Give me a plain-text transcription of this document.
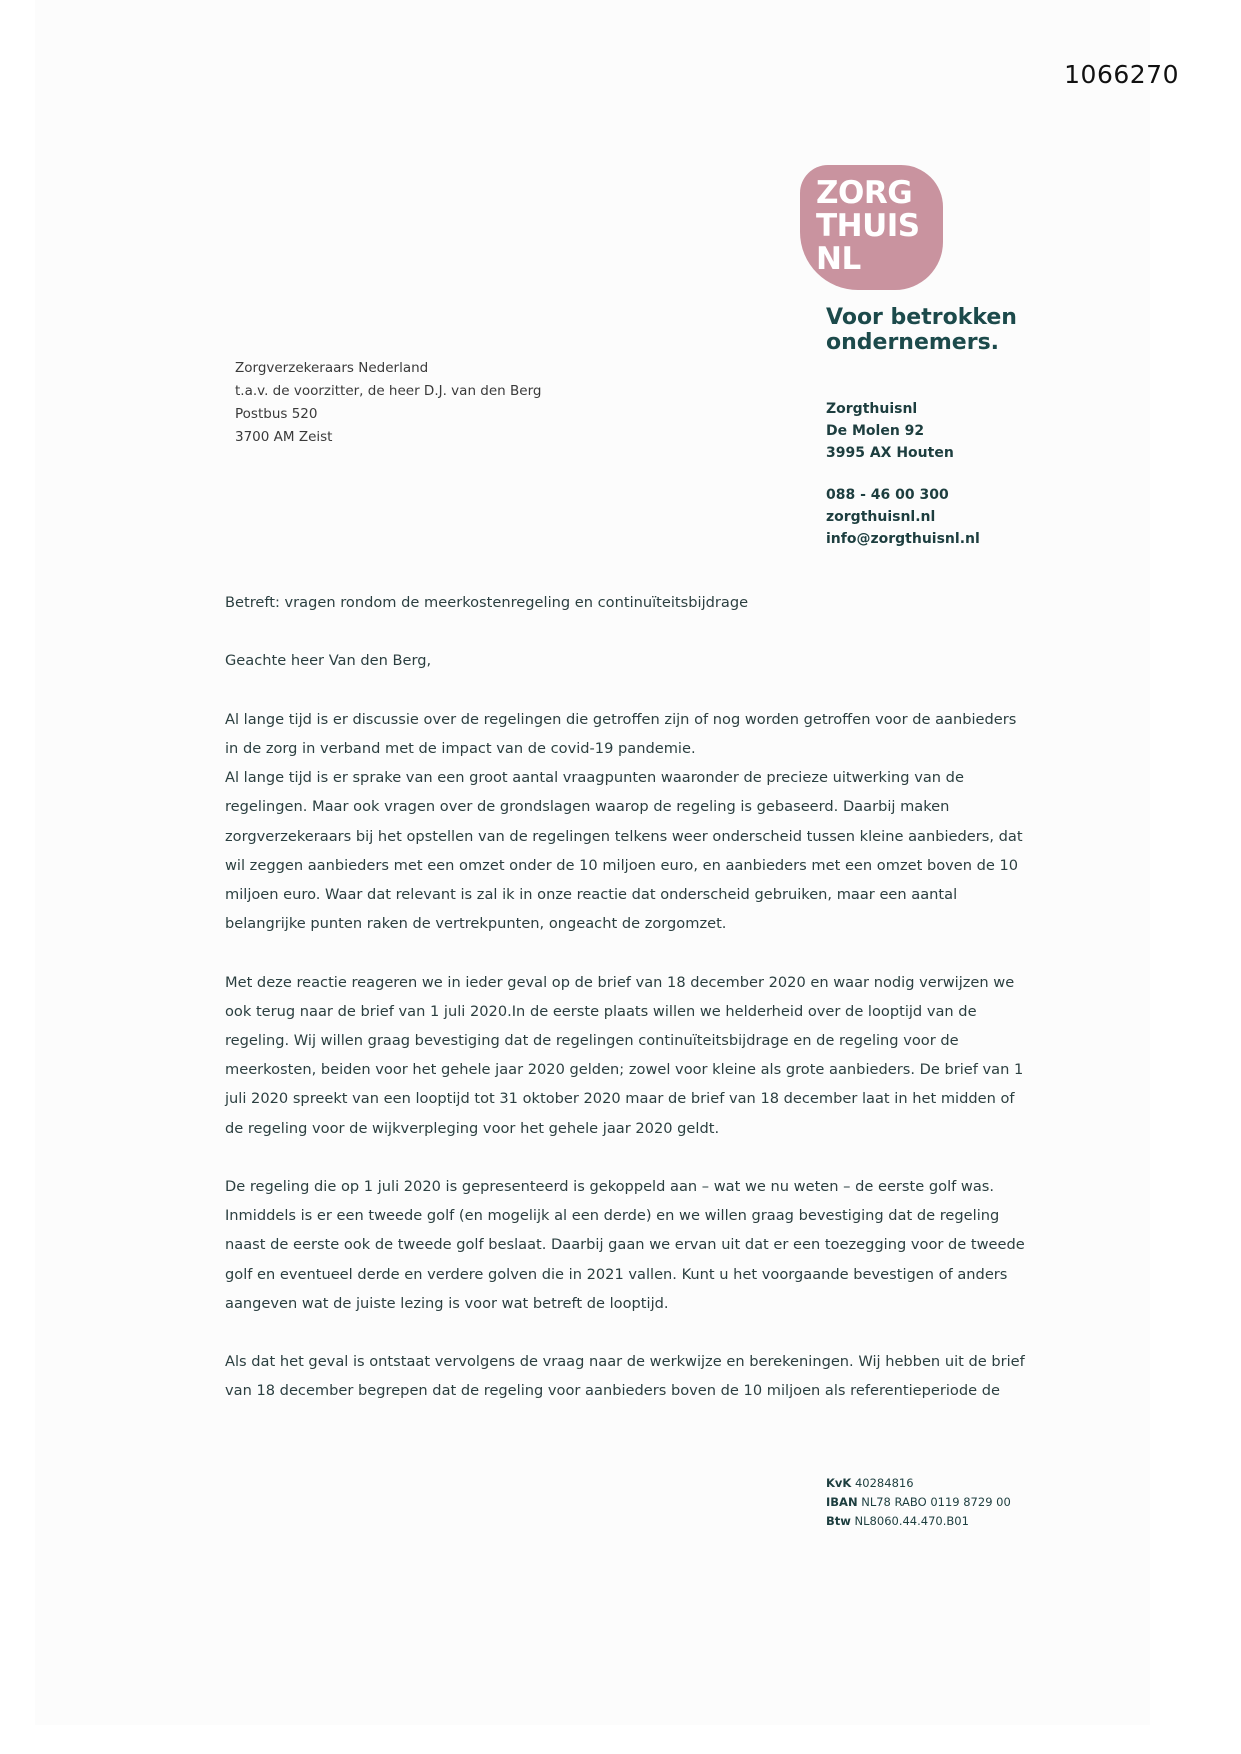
1066270
ZORG
THUIS
NL
Voor betrokken
ondernemers.
Zorgthuisnl
De Molen 92
3995 AX Houten
088 - 46 00 300
zorgthuisnl.nl
info@zorgthuisnl.nl
Zorgverzekeraars Nederland
t.a.v. de voorzitter, de heer D.J. van den Berg
Postbus 520
3700 AM Zeist

Betreft: vragen rondom de meerkostenregeling en continuïteitsbijdrage

Geachte heer Van den Berg,

Al lange tijd is er discussie over de regelingen die getroffen zijn of nog worden getroffen voor de aanbieders

in de zorg in verband met de impact van de covid-19 pandemie.

Al lange tijd is er sprake van een groot aantal vraagpunten waaronder de precieze uitwerking van de

regelingen. Maar ook vragen over de grondslagen waarop de regeling is gebaseerd. Daarbij maken

zorgverzekeraars bij het opstellen van de regelingen telkens weer onderscheid tussen kleine aanbieders, dat

wil zeggen aanbieders met een omzet onder de 10 miljoen euro, en aanbieders met een omzet boven de 10

miljoen euro. Waar dat relevant is zal ik in onze reactie dat onderscheid gebruiken, maar een aantal

belangrijke punten raken de vertrekpunten, ongeacht de zorgomzet.

Met deze reactie reageren we in ieder geval op de brief van 18 december 2020 en waar nodig verwijzen we

ook terug naar de brief van 1 juli 2020.In de eerste plaats willen we helderheid over de looptijd van de

regeling. Wij willen graag bevestiging dat de regelingen continuïteitsbijdrage en de regeling voor de

meerkosten, beiden voor het gehele jaar 2020 gelden; zowel voor kleine als grote aanbieders. De brief van 1

juli 2020 spreekt van een looptijd tot 31 oktober 2020 maar de brief van 18 december laat in het midden of

de regeling voor de wijkverpleging voor het gehele jaar 2020 geldt.

De regeling die op 1 juli 2020 is gepresenteerd is gekoppeld aan – wat we nu weten – de eerste golf was.

Inmiddels is er een tweede golf (en mogelijk al een derde) en we willen graag bevestiging dat de regeling

naast de eerste ook de tweede golf beslaat. Daarbij gaan we ervan uit dat er een toezegging voor de tweede

golf en eventueel derde en verdere golven die in 2021 vallen. Kunt u het voorgaande bevestigen of anders

aangeven wat de juiste lezing is voor wat betreft de looptijd.

Als dat het geval is ontstaat vervolgens de vraag naar de werkwijze en berekeningen. Wij hebben uit de brief

van 18 december begrepen dat de regeling voor aanbieders boven de 10 miljoen als referentieperiode de

KvK 40284816
IBAN NL78 RABO 0119 8729 00
Btw NL8060.44.470.B01
